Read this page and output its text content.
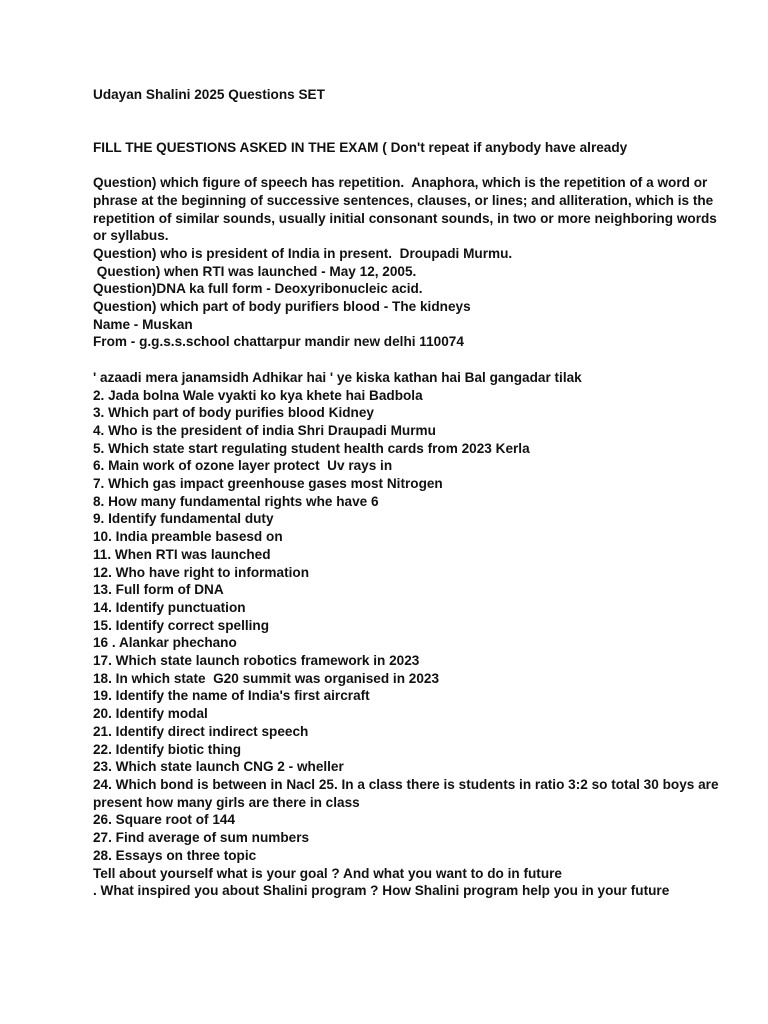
Udayan Shalini 2025 Questions SET
FILL THE QUESTIONS ASKED IN THE EXAM ( Don't repeat if anybody have already
Question) which figure of speech has repetition.  Anaphora, which is the repetition of a word or phrase at the beginning of successive sentences, clauses, or lines; and alliteration, which is the repetition of similar sounds, usually initial consonant sounds, in two or more neighboring words or syllabus.
Question) who is president of India in present.  Droupadi Murmu.
Question) when RTI was launched - May 12, 2005.
Question)DNA ka full form - Deoxyribonucleic acid.
Question) which part of body purifiers blood - The kidneys
Name - Muskan
From - g.g.s.s.school chattarpur mandir new delhi 110074
' azaadi mera janamsidh Adhikar hai ' ye kiska kathan hai Bal gangadar tilak
2. Jada bolna Wale vyakti ko kya khete hai Badbola
3. Which part of body purifies blood Kidney
4. Who is the president of india Shri Draupadi Murmu
5. Which state start regulating student health cards from 2023 Kerla
6. Main work of ozone layer protect  Uv rays in
7. Which gas impact greenhouse gases most Nitrogen
8. How many fundamental rights whe have 6
9. Identify fundamental duty
10. India preamble basesd on
11. When RTI was launched
12. Who have right to information
13. Full form of DNA
14. Identify punctuation
15. Identify correct spelling
16 . Alankar phechano
17. Which state launch robotics framework in 2023
18. In which state  G20 summit was organised in 2023
19. Identify the name of India's first aircraft
20. Identify modal
21. Identify direct indirect speech
22. Identify biotic thing
23. Which state launch CNG 2 - wheller
24. Which bond is between in Nacl 25. In a class there is students in ratio 3:2 so total 30 boys are present how many girls are there in class
26. Square root of 144
27. Find average of sum numbers
28. Essays on three topic
Tell about yourself what is your goal ? And what you want to do in future
. What inspired you about Shalini program ? How Shalini program help you in your future
